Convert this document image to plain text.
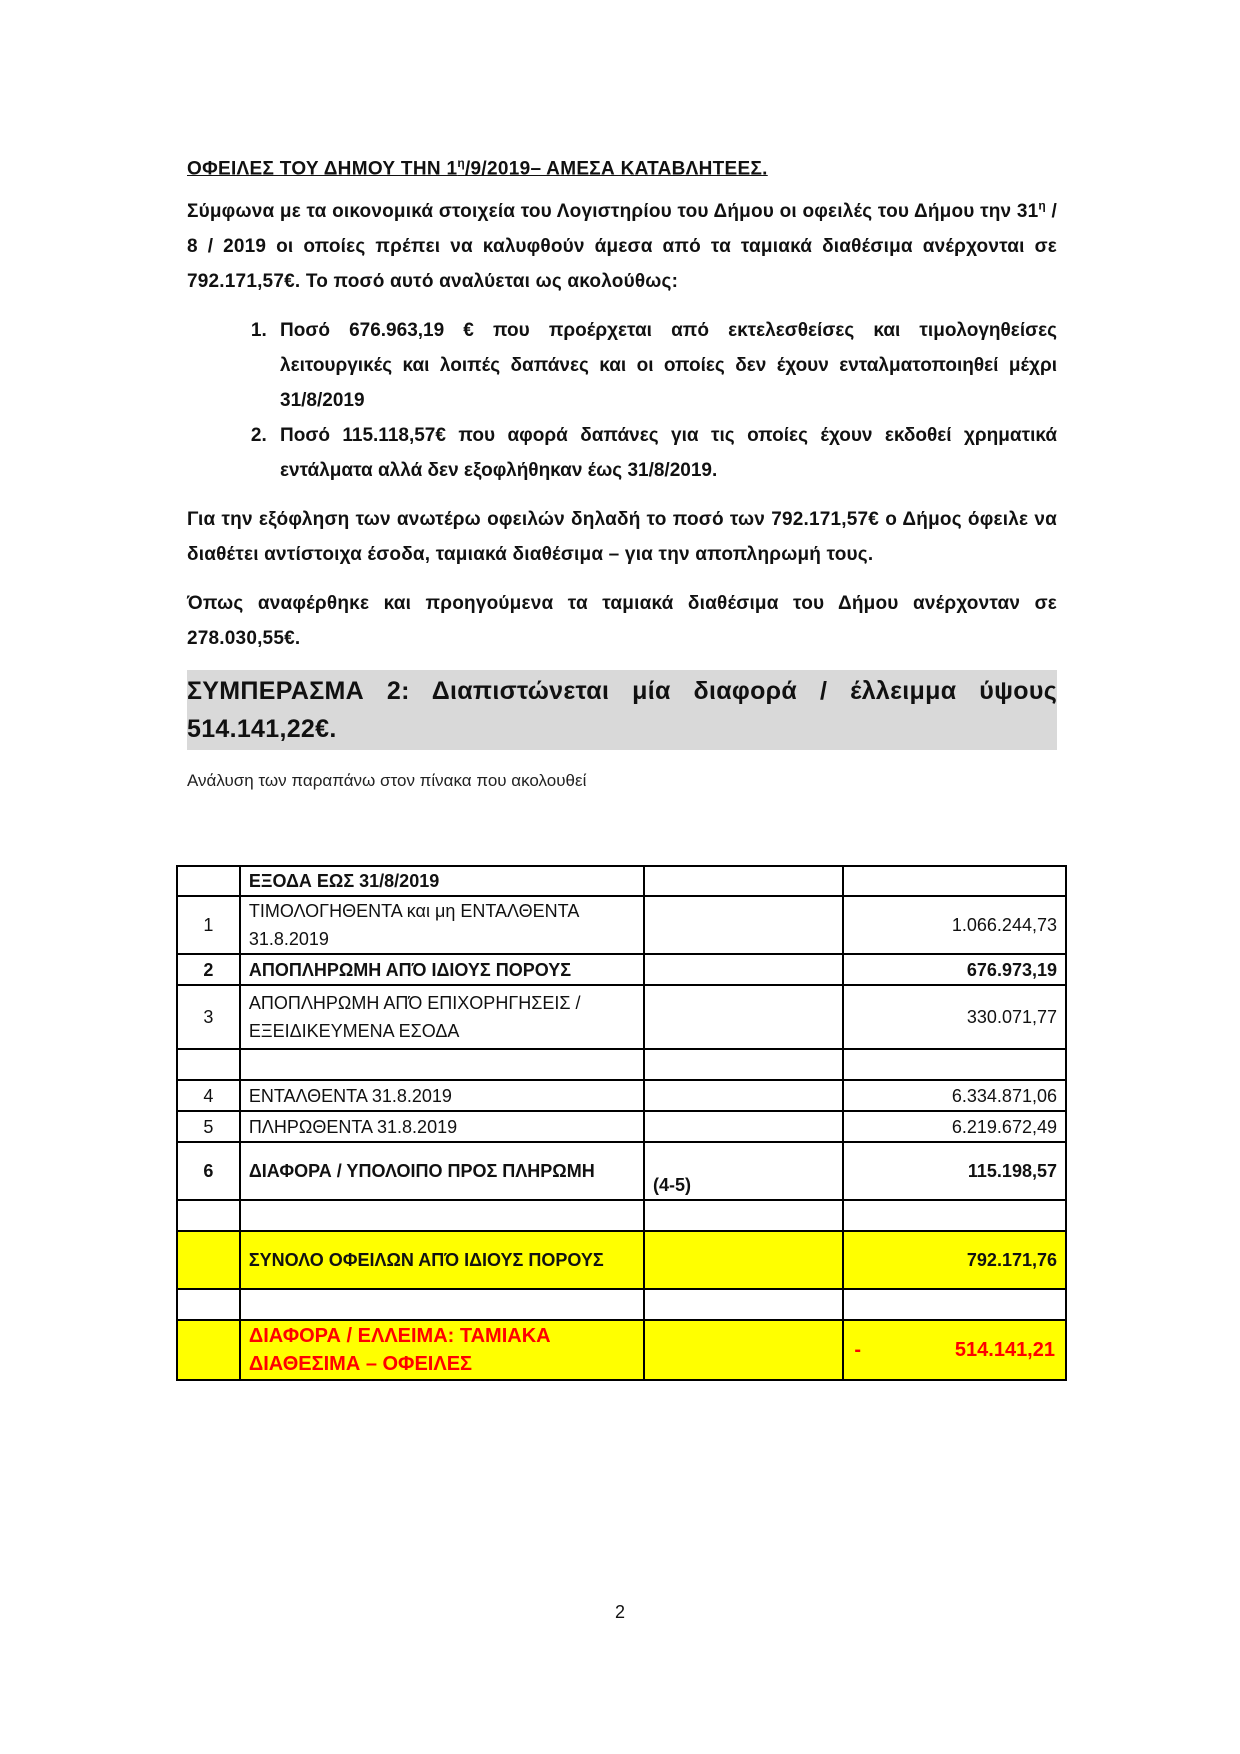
ΟΦΕΙΛΕΣ ΤΟΥ ΔΗΜΟΥ ΤΗΝ $1^\eta/9/2019-$ ΑΜΕΣΑ ΚΑΤΑΒΛΗΤΕΕΣ.

Σύμφωνα με τα οικονομικά στοιχεία του Λογιστηρίου του Δήμου οι οφειλές του Δήμου την $31^\eta / 8 / 2019$ οι οποίες πρέπει να καλυφθούν άμεσα από τα ταμιακά διαθέσιμα ανέρχονται σε 792.171,57€. Το ποσό αυτό αναλύεται ως ακολούθως:

1. Ποσό 676.963,19 € που προέρχεται από εκτελεσθείσες και τιμολογηθείσες λειτουργικές και λοιπές δαπάνες και οι οποίες δεν έχουν ενταλματοποιηθεί μέχρι 31/8/2019
2. Ποσό 115.118,57€ που αφορά δαπάνες για τις οποίες έχουν εκδοθεί χρηματικά εντάλματα αλλά δεν εξοφλήθηκαν έως 31/8/2019.

Για την εξόφληση των ανωτέρω οφειλών δηλαδή το ποσό των 792.171,57€ ο Δήμος όφειλε να διαθέτει αντίστοιχα έσοδα, ταμιακά διαθέσιμα – για την αποπληρωμή τους.

Όπως αναφέρθηκε και προηγούμενα τα ταμιακά διαθέσιμα του Δήμου ανέρχονταν σε 278.030,55€.

ΣΥΜΠΕΡΑΣΜΑ 2: Διαπιστώνεται μία διαφορά / έλλειμμα ύψους 514.141,22€.
Ανάλυση των παραπάνω στον πίνακα που ακολουθεί
	ΕΞΟΔΑ ΕΩΣ 31/8/2019		
1	ΤΙΜΟΛΟΓΗΘΕΝΤΑ και μη ΕΝΤΑΛΘΕΝΤΑ 31.8.2019		1.066.244,73
2	ΑΠΟΠΛΗΡΩΜΗ ΑΠΌ ΙΔΙΟΥΣ ΠΟΡΟΥΣ		676.973,19
3	ΑΠΟΠΛΗΡΩΜΗ ΑΠΌ ΕΠΙΧΟΡΗΓΗΣΕΙΣ / ΕΞΕΙΔΙΚΕΥΜΕΝΑ ΕΣΟΔΑ		330.071,77

4	ΕΝΤΑΛΘΕΝΤΑ 31.8.2019		6.334.871,06
5	ΠΛΗΡΩΘΕΝΤΑ 31.8.2019		6.219.672,49
6	ΔΙΑΦΟΡΑ / ΥΠΟΛΟΙΠΟ ΠΡΟΣ ΠΛΗΡΩΜΗ	(4-5)	115.198,57

	ΣΥΝΟΛΟ ΟΦΕΙΛΩΝ ΑΠΌ ΙΔΙΟΥΣ ΠΟΡΟΥΣ		792.171,76

	ΔΙΑΦΟΡΑ / ΕΛΛΕΙΜΑ: ΤΑΜΙΑΚΑ ΔΙΑΘΕΣΙΜΑ – ΟΦΕΙΛΕΣ		- 514.141,21
2
